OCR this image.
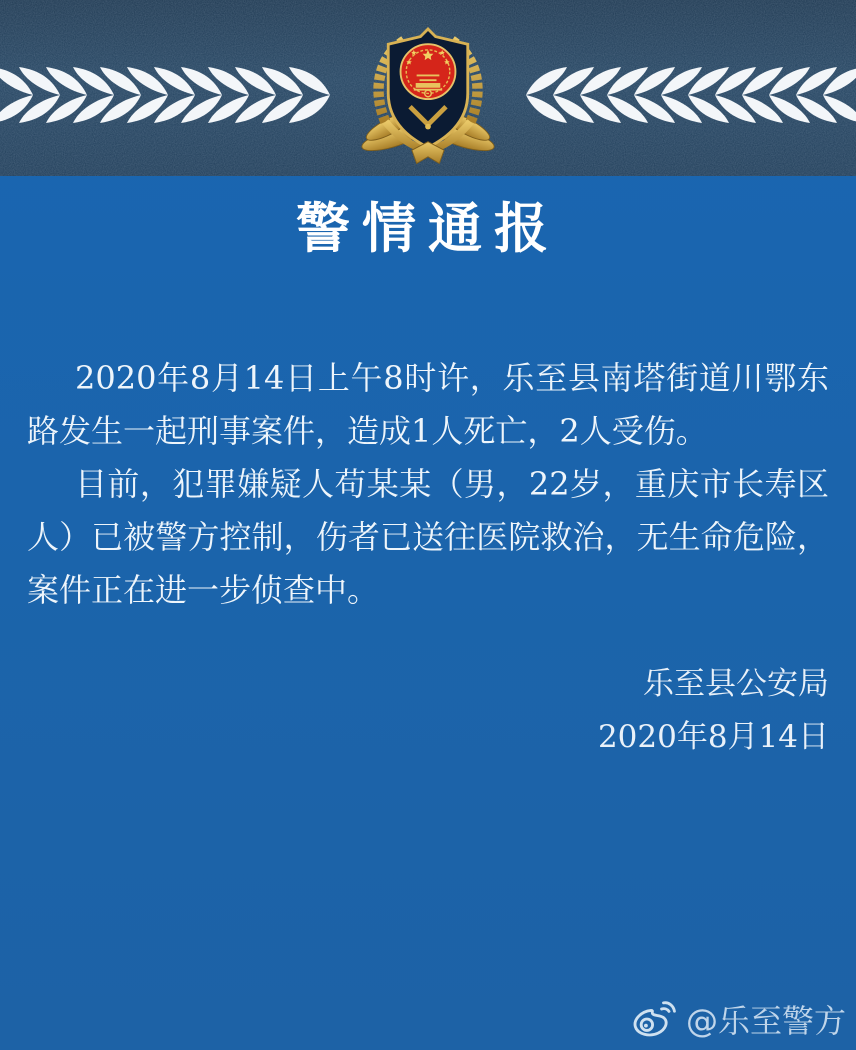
警情通报

2020年8月14日上午8时许，乐至县南塔街道川鄂东路发生一起刑事案件，造成1人死亡，2人受伤。

目前，犯罪嫌疑人苟某某（男，22岁，重庆市长寿区人）已被警方控制，伤者已送往医院救治，无生命危险，案件正在进一步侦查中。

乐至县公安局
2020年8月14日
@乐至警方
